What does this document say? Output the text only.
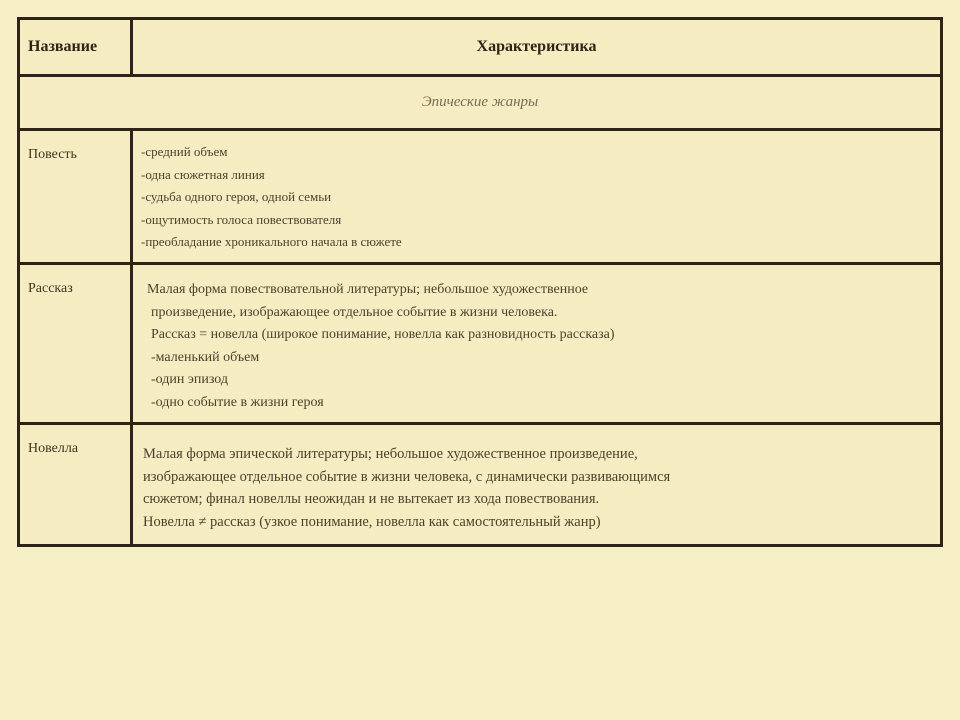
Название	Характеристика
Эпические жанры
Повесть	-средний объем
-одна сюжетная линия
-судьба одного героя, одной семьи
-ощутимость голоса повествователя
-преобладание хроникального начала в сюжете
Рассказ	Малая форма повествовательной литературы; небольшое художественное
произведение, изображающее отдельное событие в жизни человека.
Рассказ = новелла (широкое понимание, новелла как разновидность рассказа)
-маленький объем
-один эпизод
-одно событие в жизни героя
Новелла	Малая форма эпической литературы; небольшое художественное произведение,
изображающее отдельное событие в жизни человека, с динамически развивающимся
сюжетом; финал новеллы неожидан и не вытекает из хода повествования.
Новелла ≠ рассказ (узкое понимание, новелла как самостоятельный жанр)
